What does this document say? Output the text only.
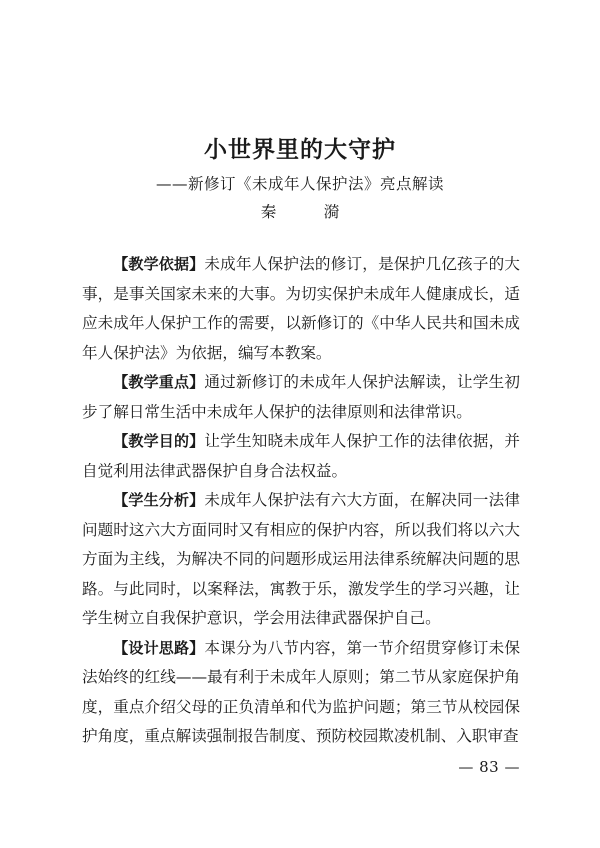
小世界里的大守护
——新修订《未成年人保护法》亮点解读
秦　漪

【教学依据】未成年人保护法的修订，是保护几亿孩子的大事，是事关国家未来的大事。为切实保护未成年人健康成长，适应未成年人保护工作的需要，以新修订的《中华人民共和国未成年人保护法》为依据，编写本教案。

【教学重点】通过新修订的未成年人保护法解读，让学生初步了解日常生活中未成年人保护的法律原则和法律常识。

【教学目的】让学生知晓未成年人保护工作的法律依据，并自觉利用法律武器保护自身合法权益。

【学生分析】未成年人保护法有六大方面，在解决同一法律问题时这六大方面同时又有相应的保护内容，所以我们将以六大方面为主线，为解决不同的问题形成运用法律系统解决问题的思路。与此同时，以案释法，寓教于乐，激发学生的学习兴趣，让学生树立自我保护意识，学会用法律武器保护自己。

【设计思路】本课分为八节内容，第一节介绍贯穿修订未保法始终的红线——最有利于未成年人原则；第二节从家庭保护角度，重点介绍父母的正负清单和代为监护问题；第三节从校园保护角度，重点解读强制报告制度、预防校园欺凌机制、入职审查

— 83 —
